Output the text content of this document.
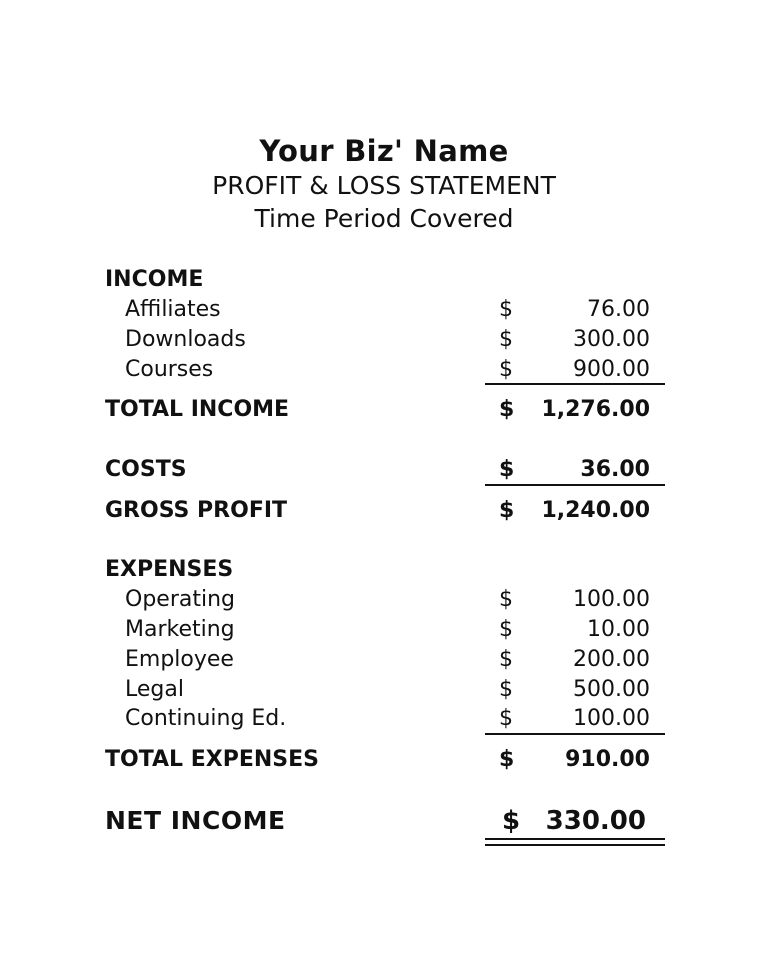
Your Biz' Name
PROFIT & LOSS STATEMENT
Time Period Covered
INCOME
Affiliates	$	76.00
Downloads	$	300.00
Courses	$	900.00
TOTAL INCOME	$ 1,276.00
COSTS	$	36.00
GROSS PROFIT	$ 1,240.00
EXPENSES
Operating	$	100.00
Marketing	$	10.00
Employee	$	200.00
Legal	$	500.00
Continuing Ed.	$	100.00
TOTAL EXPENSES	$ 910.00
NET INCOME	$ 330.00
